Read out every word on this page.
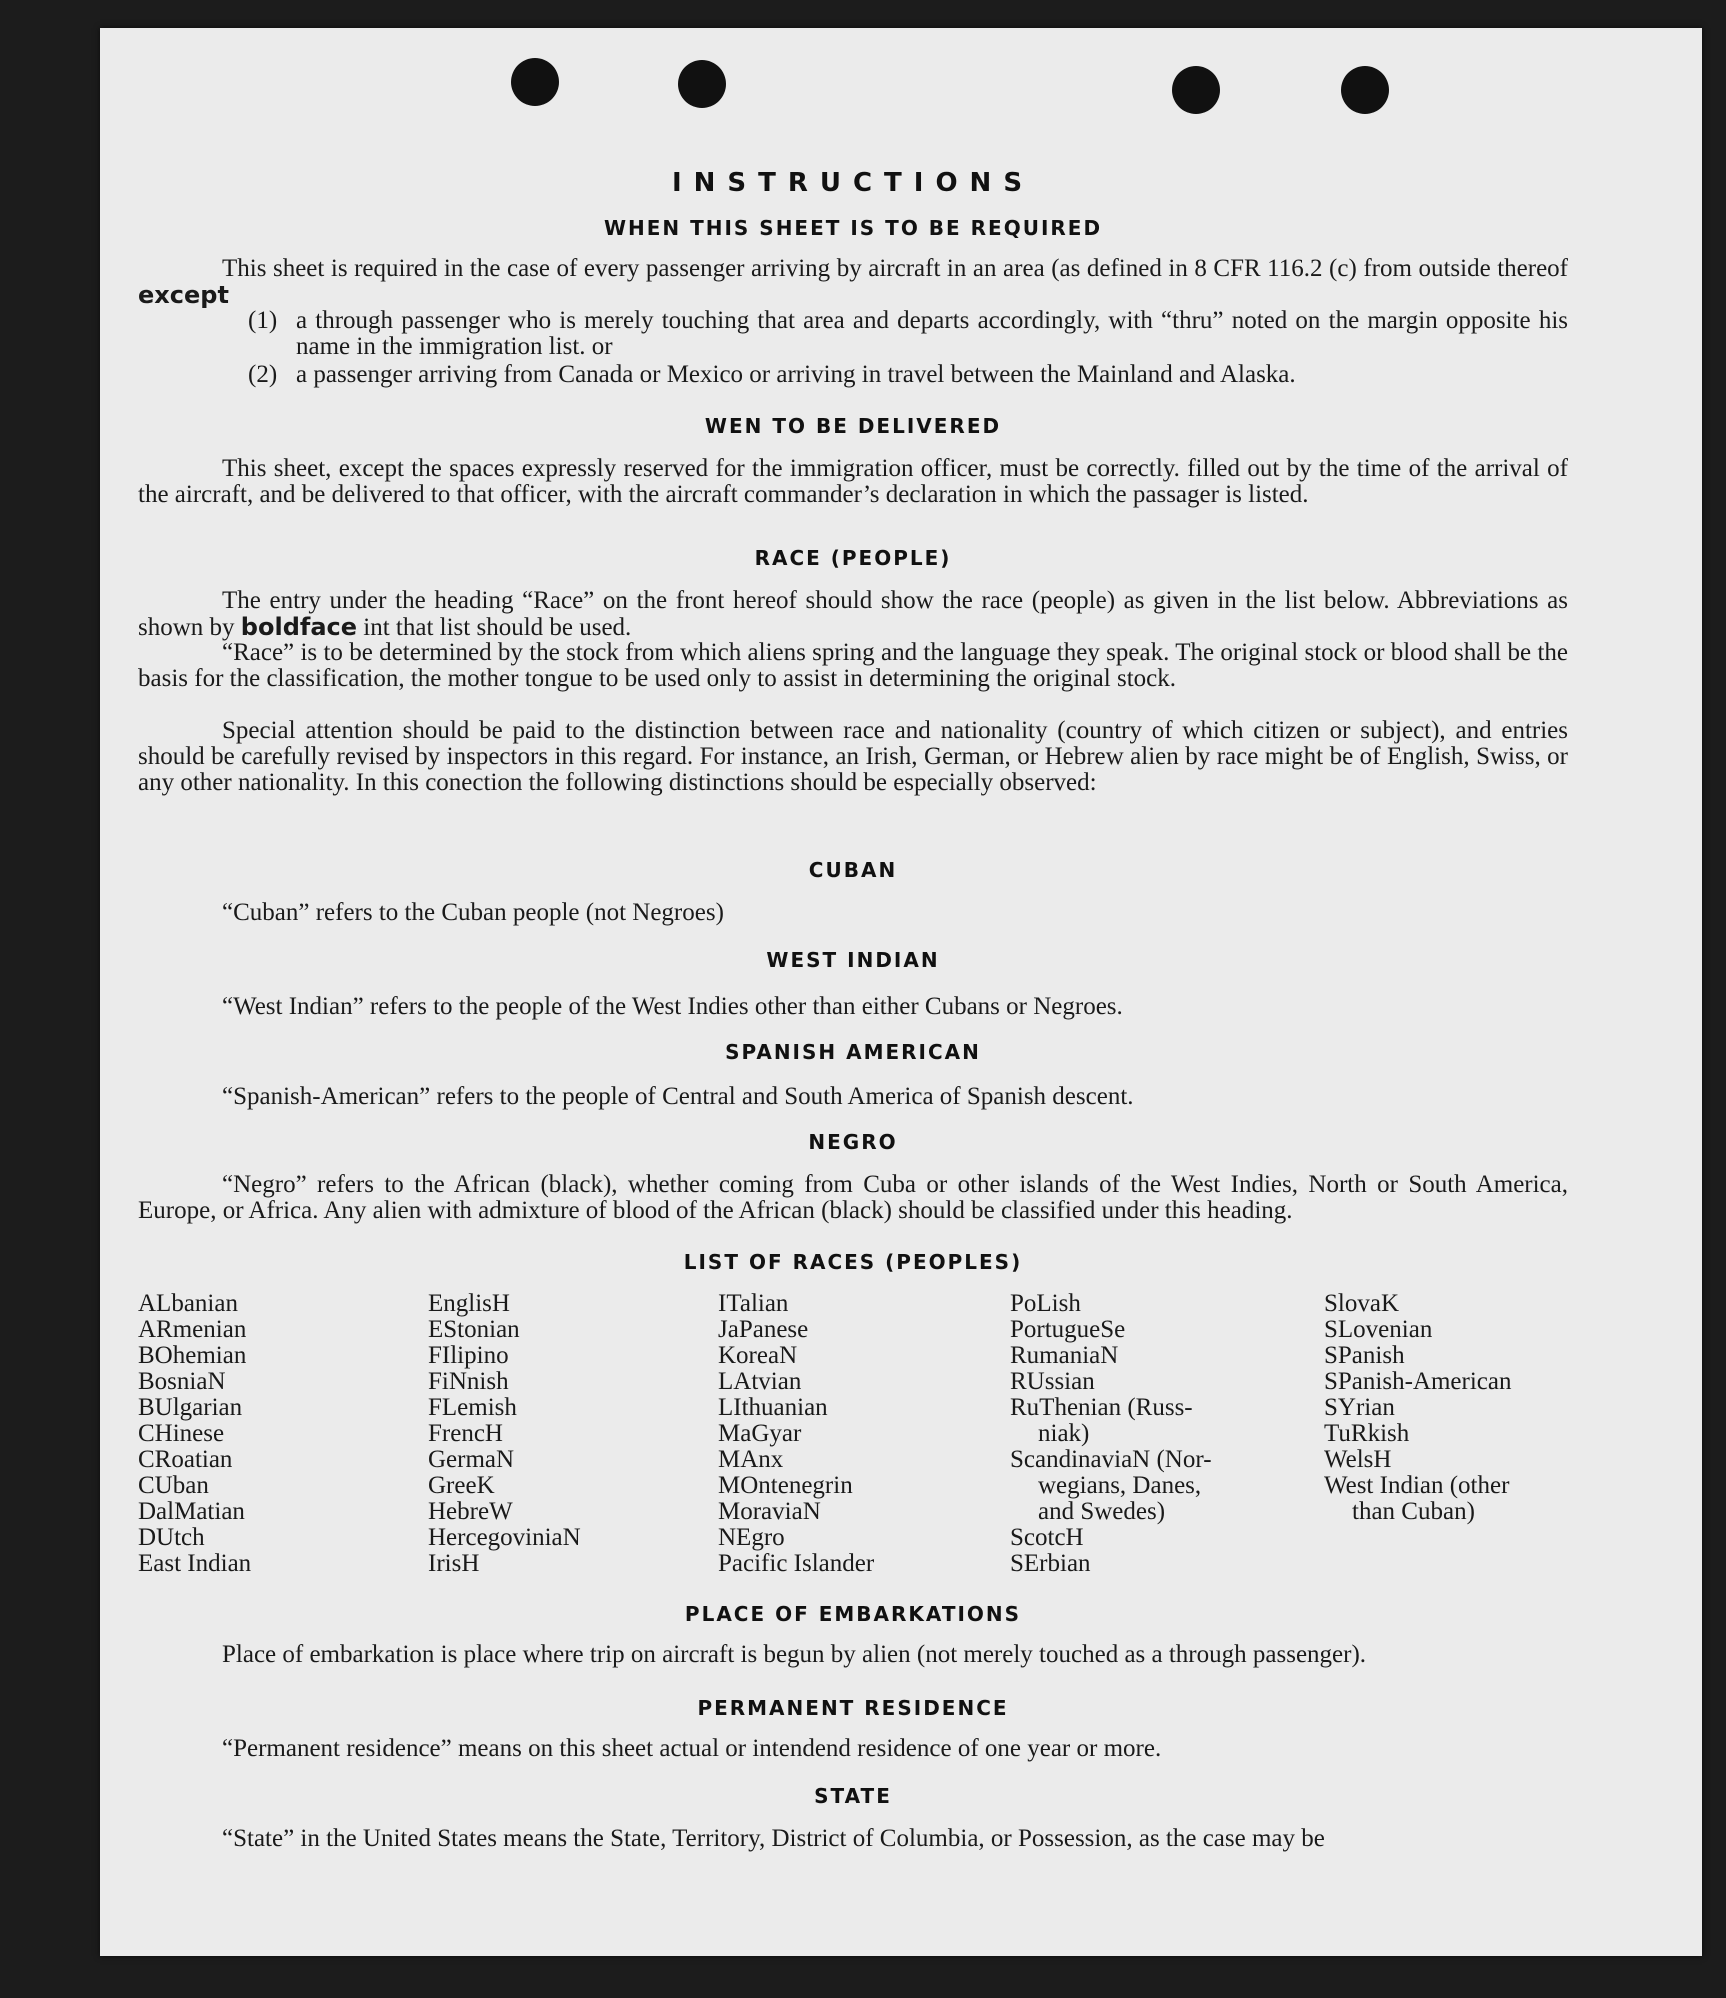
INSTRUCTIONS
WHEN THIS SHEET IS TO BE REQUIRED
This sheet is required in the case of every passenger arriving by aircraft in an area (as defined in 8 CFR 116.2 (c) from outside thereof except
(1) a through passenger who is merely touching that area and departs accordingly, with “thru” noted on the margin opposite his name in the immigration list. or
(2) a passenger arriving from Canada or Mexico or arriving in travel between the Mainland and Alaska.
WEN TO BE DELIVERED
This sheet, except the spaces expressly reserved for the immigration officer, must be correctly. filled out by the time of the arrival of the aircraft, and be delivered to that officer, with the aircraft commander’s declaration in which the passager is listed.
RACE (PEOPLE)
The entry under the heading “Race” on the front hereof should show the race (people) as given in the list below. Abbreviations as shown by boldface int that list should be used.
“Race” is to be determined by the stock from which aliens spring and the language they speak. The original stock or blood shall be the basis for the classification, the mother tongue to be used only to assist in determining the original stock.
Special attention should be paid to the distinction between race and nationality (country of which citizen or subject), and entries should be carefully revised by inspectors in this regard. For instance, an Irish, German, or Hebrew alien by race might be of English, Swiss, or any other nationality. In this conection the following distinctions should be especially observed:
CUBAN
“Cuban” refers to the Cuban people (not Negroes)
WEST INDIAN
“West Indian” refers to the people of the West Indies other than either Cubans or Negroes.
SPANISH AMERICAN
“Spanish-American” refers to the people of Central and South America of Spanish descent.
NEGRO
“Negro” refers to the African (black), whether coming from Cuba or other islands of the West Indies, North or South America, Europe, or Africa. Any alien with admixture of blood of the African (black) should be classified under this heading.
LIST OF RACES (PEOPLES)
ALbanian
ARmenian
BOhemian
BosniaN
BUlgarian
CHinese
CRoatian
CUban
DalMatian
DUtch
East Indian
EnglisH
EStonian
FIlipino
FiNnish
FLemish
FrencH
GermaN
GreeK
HebreW
HercegoviniaN
IrisH
ITalian
JaPanese
KoreaN
LAtvian
LIthuanian
MaGyar
MAnx
MOntenegrin
MoraviaN
NEgro
Pacific Islander
PoLish
PortugueSe
RumaniaN
RUssian
RuThenian (Russ-
niak)
ScandinaviaN (Nor-
wegians, Danes,
and Swedes)
ScotcH
SErbian
SlovaK
SLovenian
SPanish
SPanish-American
SYrian
TuRkish
WelsH
West Indian (other
than Cuban)
PLACE OF EMBARKATIONS
Place of embarkation is place where trip on aircraft is begun by alien (not merely touched as a through passenger).
PERMANENT RESIDENCE
“Permanent residence” means on this sheet actual or intendend residence of one year or more.
STATE
“State” in the United States means the State, Territory, District of Columbia, or Possession, as the case may be
